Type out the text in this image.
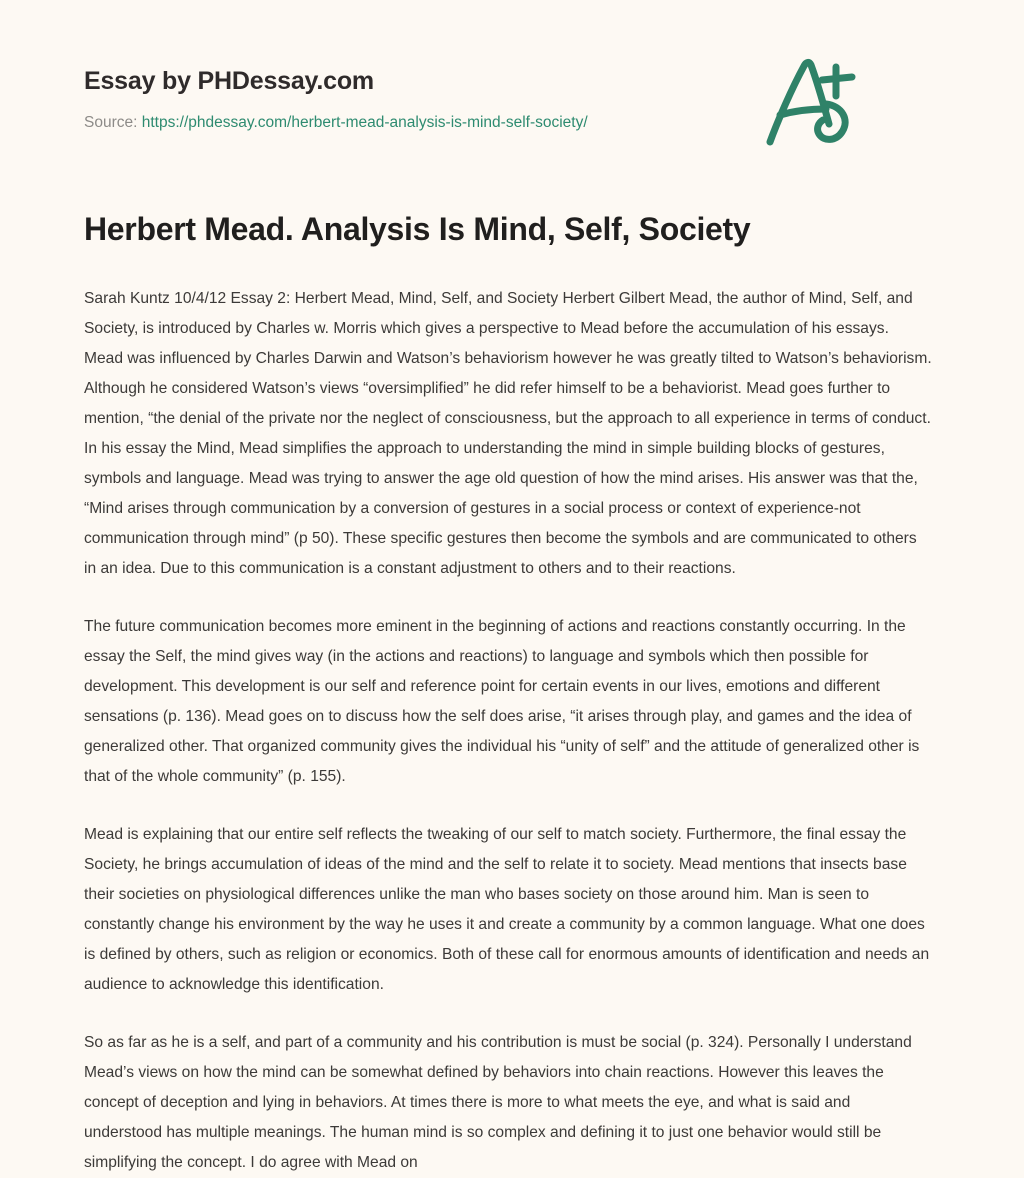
Essay by PHDessay.com
Source: https://phdessay.com/herbert-mead-analysis-is-mind-self-society/
Herbert Mead. Analysis Is Mind, Self, Society

Sarah Kuntz 10/4/12 Essay 2: Herbert Mead, Mind, Self, and Society Herbert Gilbert Mead, the author of Mind, Self, and Society, is introduced by Charles w. Morris which gives a perspective to Mead before the accumulation of his essays. Mead was influenced by Charles Darwin and Watson’s behaviorism however he was greatly tilted to Watson’s behaviorism. Although he considered Watson’s views “oversimplified” he did refer himself to be a behaviorist. Mead goes further to mention, “the denial of the private nor the neglect of consciousness, but the approach to all experience in terms of conduct. In his essay the Mind, Mead simplifies the approach to understanding the mind in simple building blocks of gestures, symbols and language. Mead was trying to answer the age old question of how the mind arises. His answer was that the, “Mind arises through communication by a conversion of gestures in a social process or context of experience-not communication through mind” (p 50). These specific gestures then become the symbols and are communicated to others in an idea. Due to this communication is a constant adjustment to others and to their reactions.

The future communication becomes more eminent in the beginning of actions and reactions constantly occurring. In the essay the Self, the mind gives way (in the actions and reactions) to language and symbols which then possible for development. This development is our self and reference point for certain events in our lives, emotions and different sensations (p. 136). Mead goes on to discuss how the self does arise, “it arises through play, and games and the idea of generalized other. That organized community gives the individual his “unity of self” and the attitude of generalized other is that of the whole community” (p. 155).

Mead is explaining that our entire self reflects the tweaking of our self to match society. Furthermore, the final essay the Society, he brings accumulation of ideas of the mind and the self to relate it to society. Mead mentions that insects base their societies on physiological differences unlike the man who bases society on those around him. Man is seen to constantly change his environment by the way he uses it and create a community by a common language. What one does is defined by others, such as religion or economics. Both of these call for enormous amounts of identification and needs an audience to acknowledge this identification.

So as far as he is a self, and part of a community and his contribution is must be social (p. 324). Personally I understand Mead’s views on how the mind can be somewhat defined by behaviors into chain reactions. However this leaves the concept of deception and lying in behaviors. At times there is more to what meets the eye, and what is said and understood has multiple meanings. The human mind is so complex and defining it to just one behavior would still be simplifying the concept. I do agree with Mead on
